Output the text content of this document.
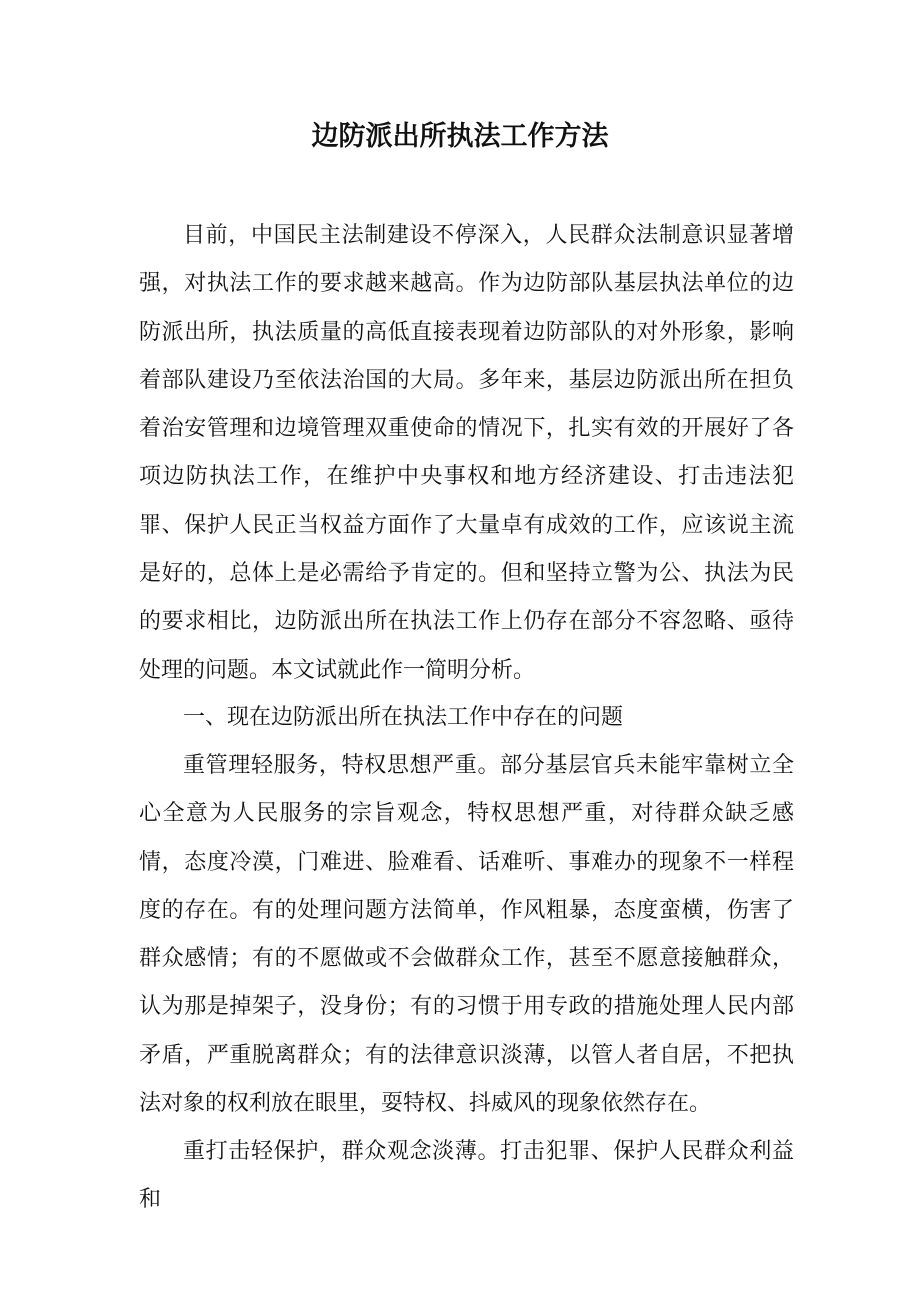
边防派出所执法工作方法

目前，中国民主法制建设不停深入，人民群众法制意识显著增强，对执法工作的要求越来越高。作为边防部队基层执法单位的边防派出所，执法质量的高低直接表现着边防部队的对外形象，影响着部队建设乃至依法治国的大局。多年来，基层边防派出所在担负着治安管理和边境管理双重使命的情况下，扎实有效的开展好了各项边防执法工作，在维护中央事权和地方经济建设、打击违法犯罪、保护人民正当权益方面作了大量卓有成效的工作，应该说主流是好的，总体上是必需给予肯定的。但和坚持立警为公、执法为民的要求相比，边防派出所在执法工作上仍存在部分不容忽略、亟待处理的问题。本文试就此作一简明分析。

一、现在边防派出所在执法工作中存在的问题

重管理轻服务，特权思想严重。部分基层官兵未能牢靠树立全心全意为人民服务的宗旨观念，特权思想严重，对待群众缺乏感情，态度冷漠，门难进、脸难看、话难听、事难办的现象不一样程度的存在。有的处理问题方法简单，作风粗暴，态度蛮横，伤害了群众感情；有的不愿做或不会做群众工作，甚至不愿意接触群众，认为那是掉架子，没身份；有的习惯于用专政的措施处理人民内部矛盾，严重脱离群众；有的法律意识淡薄，以管人者自居，不把执法对象的权利放在眼里，耍特权、抖威风的现象依然存在。

重打击轻保护，群众观念淡薄。打击犯罪、保护人民群众利益和
